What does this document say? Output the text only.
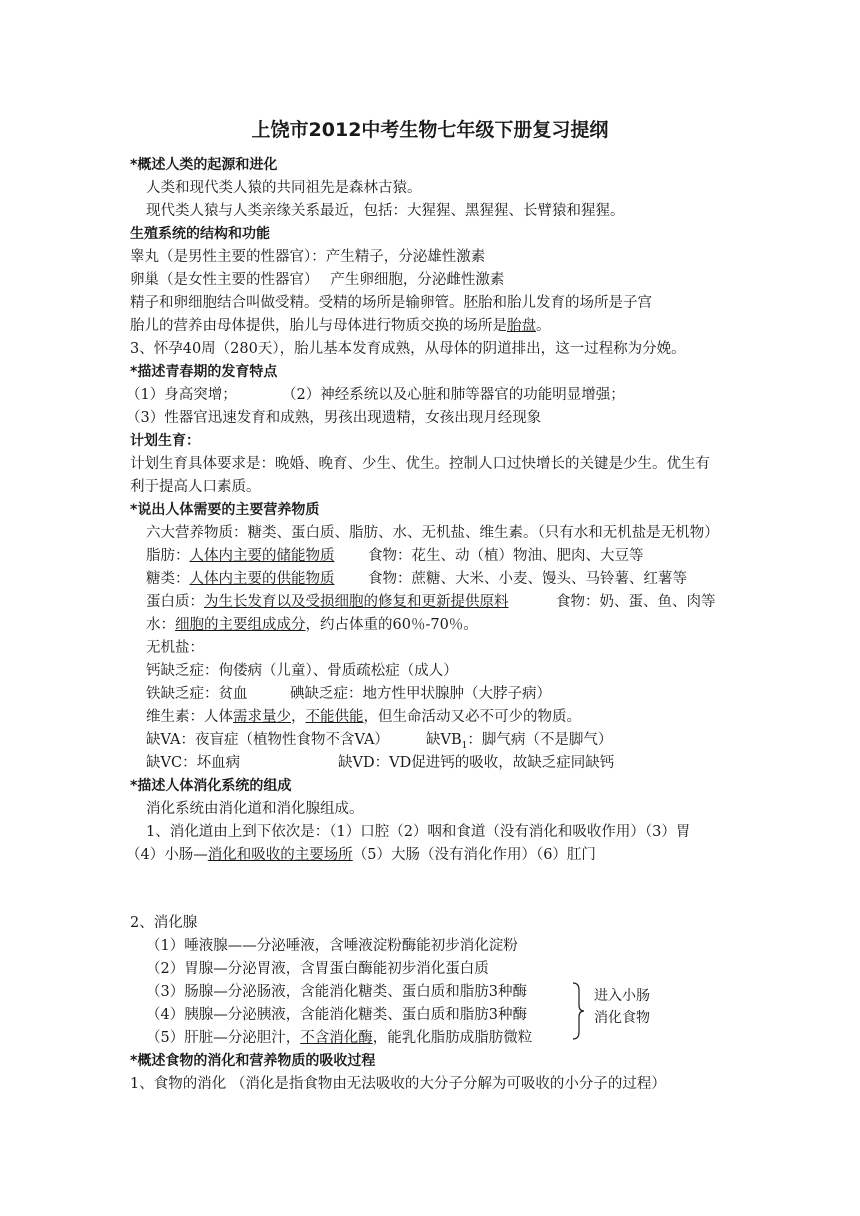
上饶市2012中考生物七年级下册复习提纲
*概述人类的起源和进化
人类和现代类人猿的共同祖先是森林古猿。
现代类人猿与人类亲缘关系最近，包括：大猩猩、黑猩猩、长臂猿和猩猩。
生殖系统的结构和功能
睾丸（是男性主要的性器官）：产生精子，分泌雄性激素
卵巢（是女性主要的性器官）　 产生卵细胞，分泌雌性激素
精子和卵细胞结合叫做受精。受精的场所是输卵管。胚胎和胎儿发育的场所是子宫
胎儿的营养由母体提供，胎儿与母体进行物质交换的场所是胎盘。
3、怀孕40周（280天），胎儿基本发育成熟，从母体的阴道排出，这一过程称为分娩。
*描述青春期的发育特点
（1）身高突增；	（2）神经系统以及心脏和肺等器官的功能明显增强；
（3）性器官迅速发育和成熟，男孩出现遗精，女孩出现月经现象
计划生育：
计划生育具体要求是：晚婚、晚育、少生、优生。控制人口过快增长的关键是少生。优生有
利于提高人口素质。
*说出人体需要的主要营养物质
六大营养物质：糖类、蛋白质、脂肪、水、无机盐、维生素。（只有水和无机盐是无机物）
脂肪：人体内主要的储能物质 食物：花生、动（植）物油、肥肉、大豆等
糖类：人体内主要的供能物质 食物：蔗糖、大米、小麦、馒头、马铃薯、红薯等
蛋白质：为生长发育以及受损细胞的修复和更新提供原料	食物：奶、蛋、鱼、肉等
水：细胞的主要组成成分，约占体重的60％-70％。
无机盐：
钙缺乏症：佝偻病（儿童）、骨质疏松症（成人）
铁缺乏症：贫血	碘缺乏症：地方性甲状腺肿（大脖子病）
维生素：人体需求量少，不能供能，但生命活动又必不可少的物质。
缺VA：夜盲症（植物性食物不含VA）	缺$ⅤB_1$：脚气病（不是脚气）
缺VC：坏血病	缺VD：VD促进钙的吸收，故缺乏症同缺钙
*描述人体消化系统的组成
消化系统由消化道和消化腺组成。
1、消化道由上到下依次是：（1）口腔（2）咽和食道（没有消化和吸收作用）（3）胃
（4）小肠—消化和吸收的主要场所（5）大肠（没有消化作用）（6）肛门
2、消化腺
（1）唾液腺——分泌唾液，含唾液淀粉酶能初步消化淀粉
（2）胃腺—分泌胃液，含胃蛋白酶能初步消化蛋白质
（3）肠腺—分泌肠液，含能消化糖类、蛋白质和脂肪3种酶
（4）胰腺—分泌胰液，含能消化糖类、蛋白质和脂肪3种酶
（5）肝脏—分泌胆汁，不含消化酶，能乳化脂肪成脂肪微粒
进入小肠
消化食物
*概述食物的消化和营养物质的吸收过程
1、食物的消化 （消化是指食物由无法吸收的大分子分解为可吸收的小分子的过程）
